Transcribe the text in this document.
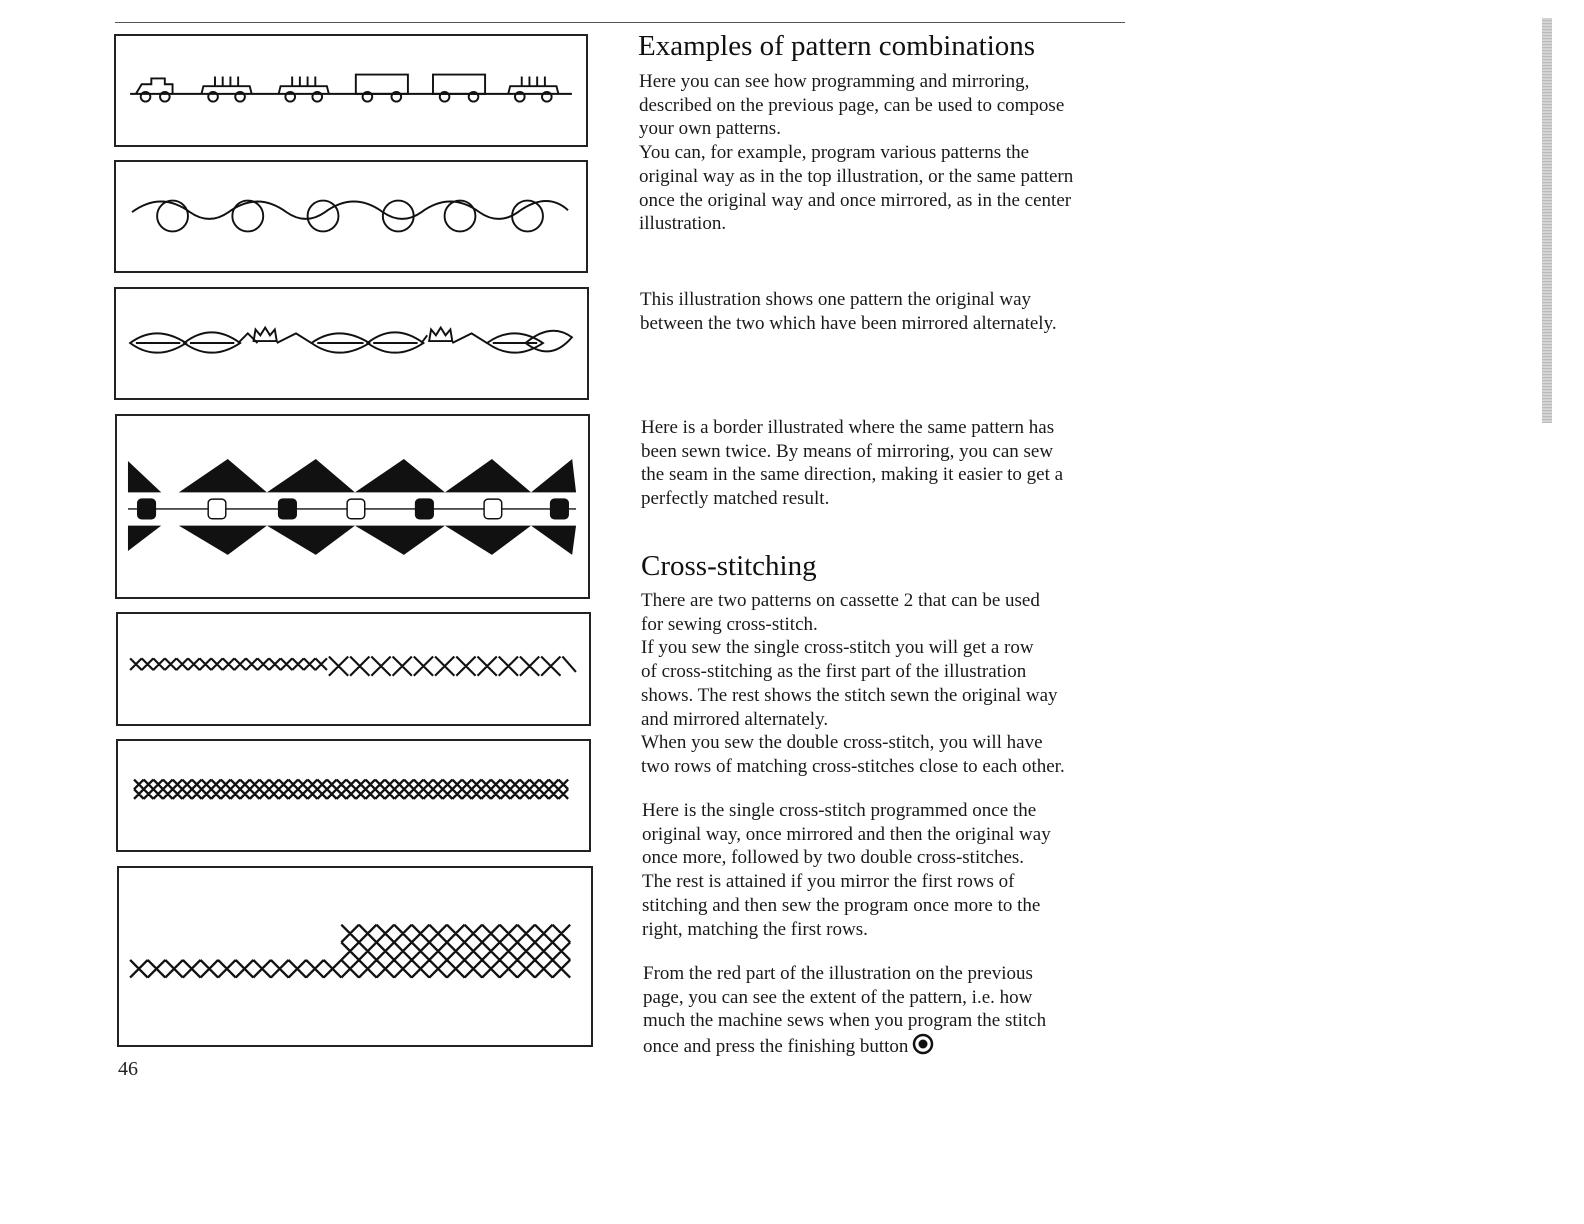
Examples of pattern combinations

Here you can see how programming and mirroring,
described on the previous page, can be used to compose
your own patterns.
You can, for example, program various patterns the
original way as in the top illustration, or the same pattern
once the original way and once mirrored, as in the center
illustration.

This illustration shows one pattern the original way
between the two which have been mirrored alternately.

Here is a border illustrated where the same pattern has
been sewn twice. By means of mirroring, you can sew
the seam in the same direction, making it easier to get a
perfectly matched result.

Cross-stitching

There are two patterns on cassette 2 that can be used
for sewing cross-stitch.
If you sew the single cross-stitch you will get a row
of cross-stitching as the first part of the illustration
shows. The rest shows the stitch sewn the original way
and mirrored alternately.
When you sew the double cross-stitch, you will have
two rows of matching cross-stitches close to each other.

Here is the single cross-stitch programmed once the
original way, once mirrored and then the original way
once more, followed by two double cross-stitches.
The rest is attained if you mirror the first rows of
stitching and then sew the program once more to the
right, matching the first rows.

From the red part of the illustration on the previous
page, you can see the extent of the pattern, i.e. how
much the machine sews when you program the stitch
once and press the finishing button
46
